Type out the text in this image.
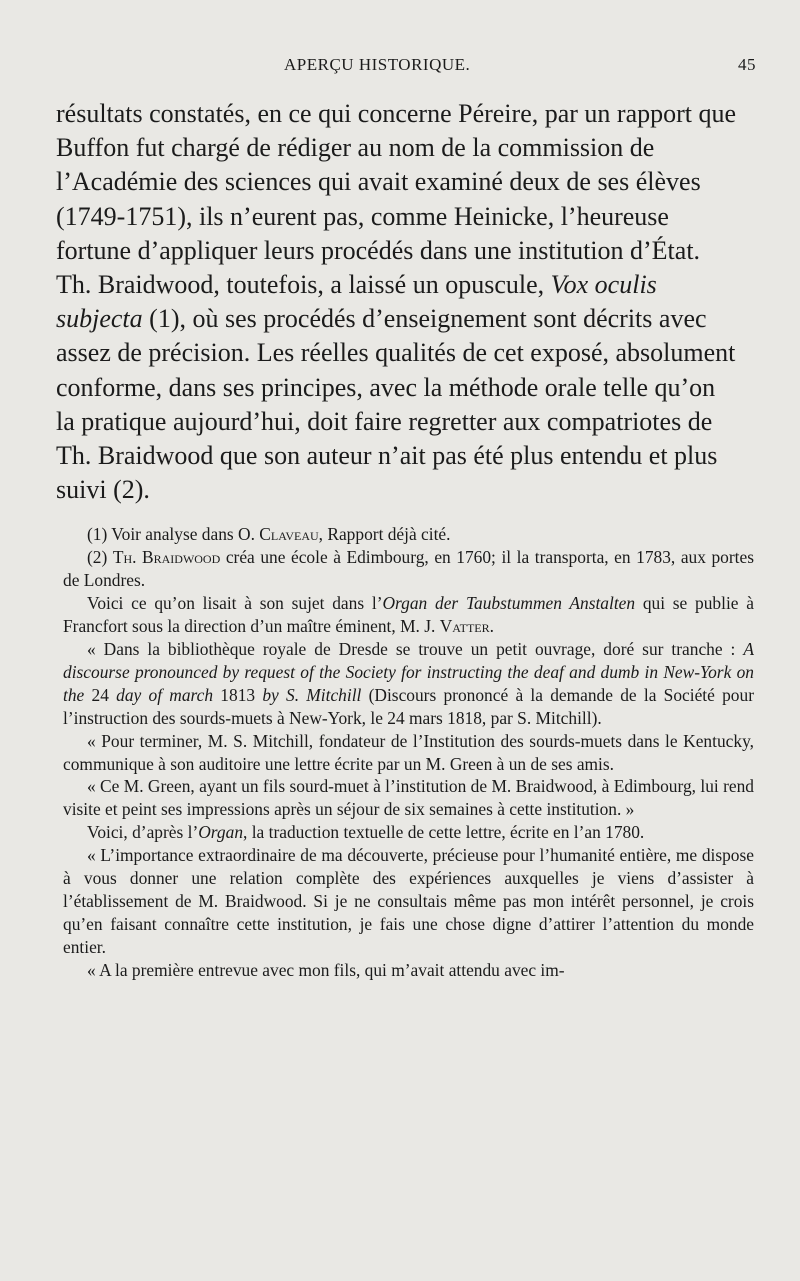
APERÇU HISTORIQUE.	45

résultats constatés, en ce qui concerne Péreire, par un rapport que Buffon fut chargé de rédiger au nom de la commission de l’Académie des sciences qui avait examiné deux de ses élèves (1749-1751), ils n’eurent pas, comme Heinicke, l’heureuse fortune d’appliquer leurs procédés dans une institution d’État. Th. Braidwood, toutefois, a laissé un opuscule, Vox oculis subjecta (1), où ses procédés d’enseignement sont décrits avec assez de précision. Les réelles qualités de cet exposé, absolument conforme, dans ses principes, avec la méthode orale telle qu’on la pratique aujourd’hui, doit faire regretter aux compatriotes de Th. Braidwood que son auteur n’ait pas été plus entendu et plus suivi (2).

(1) Voir analyse dans O. Claveau, Rapport déjà cité.

(2) Th. Braidwood créa une école à Edimbourg, en 1760; il la transporta, en 1783, aux portes de Londres.

Voici ce qu’on lisait à son sujet dans l’Organ der Taubstummen Anstalten qui se publie à Francfort sous la direction d’un maître éminent, M. J. Vatter.

« Dans la bibliothèque royale de Dresde se trouve un petit ouvrage, doré sur tranche : A discourse pronounced by request of the Society for instructing the deaf and dumb in New-York on the 24 day of march 1813 by S. Mitchill (Discours prononcé à la demande de la Société pour l’instruction des sourds-muets à New-York, le 24 mars 1818, par S. Mitchill).

« Pour terminer, M. S. Mitchill, fondateur de l’Institution des sourds-muets dans le Kentucky, communique à son auditoire une lettre écrite par un M. Green à un de ses amis.

« Ce M. Green, ayant un fils sourd-muet à l’institution de M. Braidwood, à Edimbourg, lui rend visite et peint ses impressions après un séjour de six semaines à cette institution. »

Voici, d’après l’Organ, la traduction textuelle de cette lettre, écrite en l’an 1780.

« L’importance extraordinaire de ma découverte, précieuse pour l’humanité entière, me dispose à vous donner une relation complète des expériences auxquelles je viens d’assister à l’établissement de M. Braidwood. Si je ne consultais même pas mon intérêt personnel, je crois qu’en faisant connaître cette institution, je fais une chose digne d’attirer l’attention du monde entier.

« A la première entrevue avec mon fils, qui m’avait attendu avec im-
